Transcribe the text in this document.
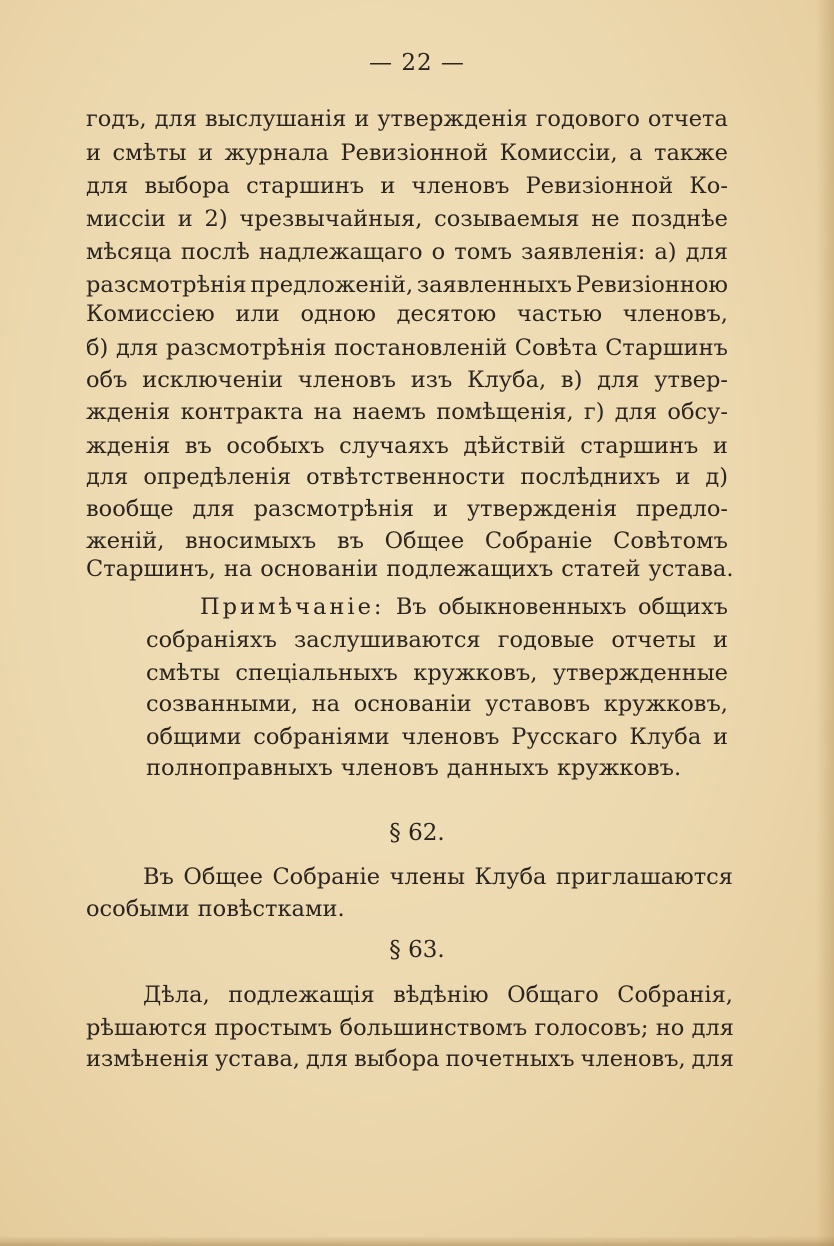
— 22 —
годъ, для выслушанія и утвержденія годового отчета
и смѣты и журнала Ревизіонной Комиссіи, а также
для выбора старшинъ и членовъ Ревизіонной Ко-
миссіи и 2) чрезвычайныя, созываемыя не позднѣе
мѣсяца послѣ надлежащаго о томъ заявленія: а) для
разсмотрѣнія предложеній, заявленныхъ Ревизіонною
Комиссіею или одною десятою частью членовъ,
б) для разсмотрѣнія постановленій Совѣта Старшинъ
объ исключеніи членовъ изъ Клуба, в) для утвер-
жденія контракта на наемъ помѣщенія, г) для обсу-
жденія въ особыхъ случаяхъ дѣйствій старшинъ и
для опредѣленія отвѣтственности послѣднихъ и д)
вообще для разсмотрѣнія и утвержденія предло-
женій, вносимыхъ въ Общее Собраніе Совѣтомъ
Старшинъ, на основаніи подлежащихъ статей устава.
Примѣчаніе: Въ обыкновенныхъ общихъ
собраніяхъ заслушиваются годовые отчеты и
смѣты спеціальныхъ кружковъ, утвержденные
созванными, на основаніи уставовъ кружковъ,
общими собраніями членовъ Русскаго Клуба и
полноправныхъ членовъ данныхъ кружковъ.
§ 62.
Въ Общее Собраніе члены Клуба приглашаются
особыми повѣстками.
§ 63.
Дѣла, подлежащія вѣдѣнію Общаго Собранія,
рѣшаются простымъ большинствомъ голосовъ; но для
измѣненія устава, для выбора почетныхъ членовъ, для
